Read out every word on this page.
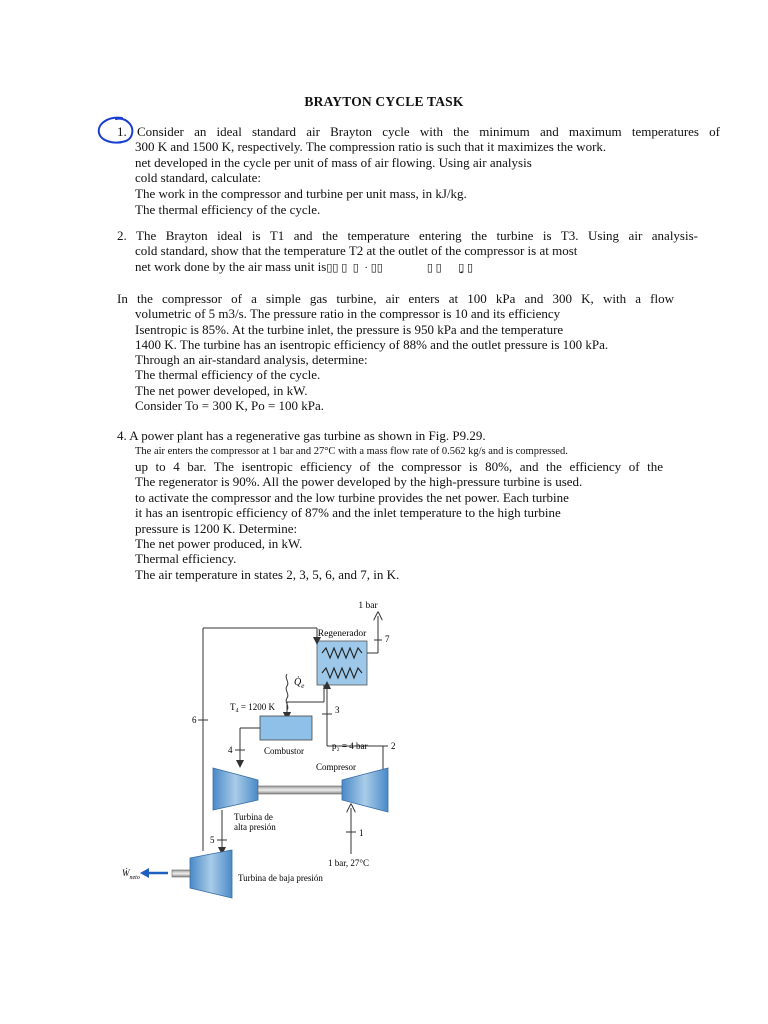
BRAYTON CYCLE TASK
1. Consider an ideal standard air Brayton cycle with the minimum and maximum temperatures of
300 K and 1500 K, respectively. The compression ratio is such that it maximizes the work.
net developed in the cycle per unit of mass of air flowing. Using air analysis
cold standard, calculate:
The work in the compressor and turbine per unit mass, in kJ/kg.
The thermal efficiency of the cycle.
2. The Brayton ideal is T1 and the temperature entering the turbine is T3. Using air analysis-
cold standard, show that the temperature T2 at the outlet of the compressor is at most
net work done by the air mass unit is▯▯ ▯  ▯  · ▯▯                ▯ ▯      ▯̧ ▯
In the compressor of a simple gas turbine, air enters at 100 kPa and 300 K, with a flow
volumetric of 5 m3/s. The pressure ratio in the compressor is 10 and its efficiency
Isentropic is 85%. At the turbine inlet, the pressure is 950 kPa and the temperature
1400 K. The turbine has an isentropic efficiency of 88% and the outlet pressure is 100 kPa.
Through an air-standard analysis, determine:
The thermal efficiency of the cycle.
The net power developed, in kW.
Consider To = 300 K, Po = 100 kPa.
4. A power plant has a regenerative gas turbine as shown in Fig. P9.29.
The air enters the compressor at 1 bar and 27°C with a mass flow rate of 0.562 kg/s and is compressed.
up to 4 bar. The isentropic efficiency of the compressor is 80%, and the efficiency of the
The regenerator is 90%. All the power developed by the high-pressure turbine is used.
to activate the compressor and the low turbine provides the net power. Each turbine
it has an isentropic efficiency of 87% and the inlet temperature to the high turbine
pressure is 1200 K. Determine:
The net power produced, in kW.
Thermal efficiency.
The air temperature in states 2, 3, 5, 6, and 7, in K.
1 bar
Regenerador 7
6
3
2
p₂ = 4 bar
Compresor
$Q̇_e$
T₄ = 1200 K
Combustor
4
Turbina de
alta presión
1
1 bar, 27°C
5
Turbina de baja presión
$Ẇ_{neto}$
